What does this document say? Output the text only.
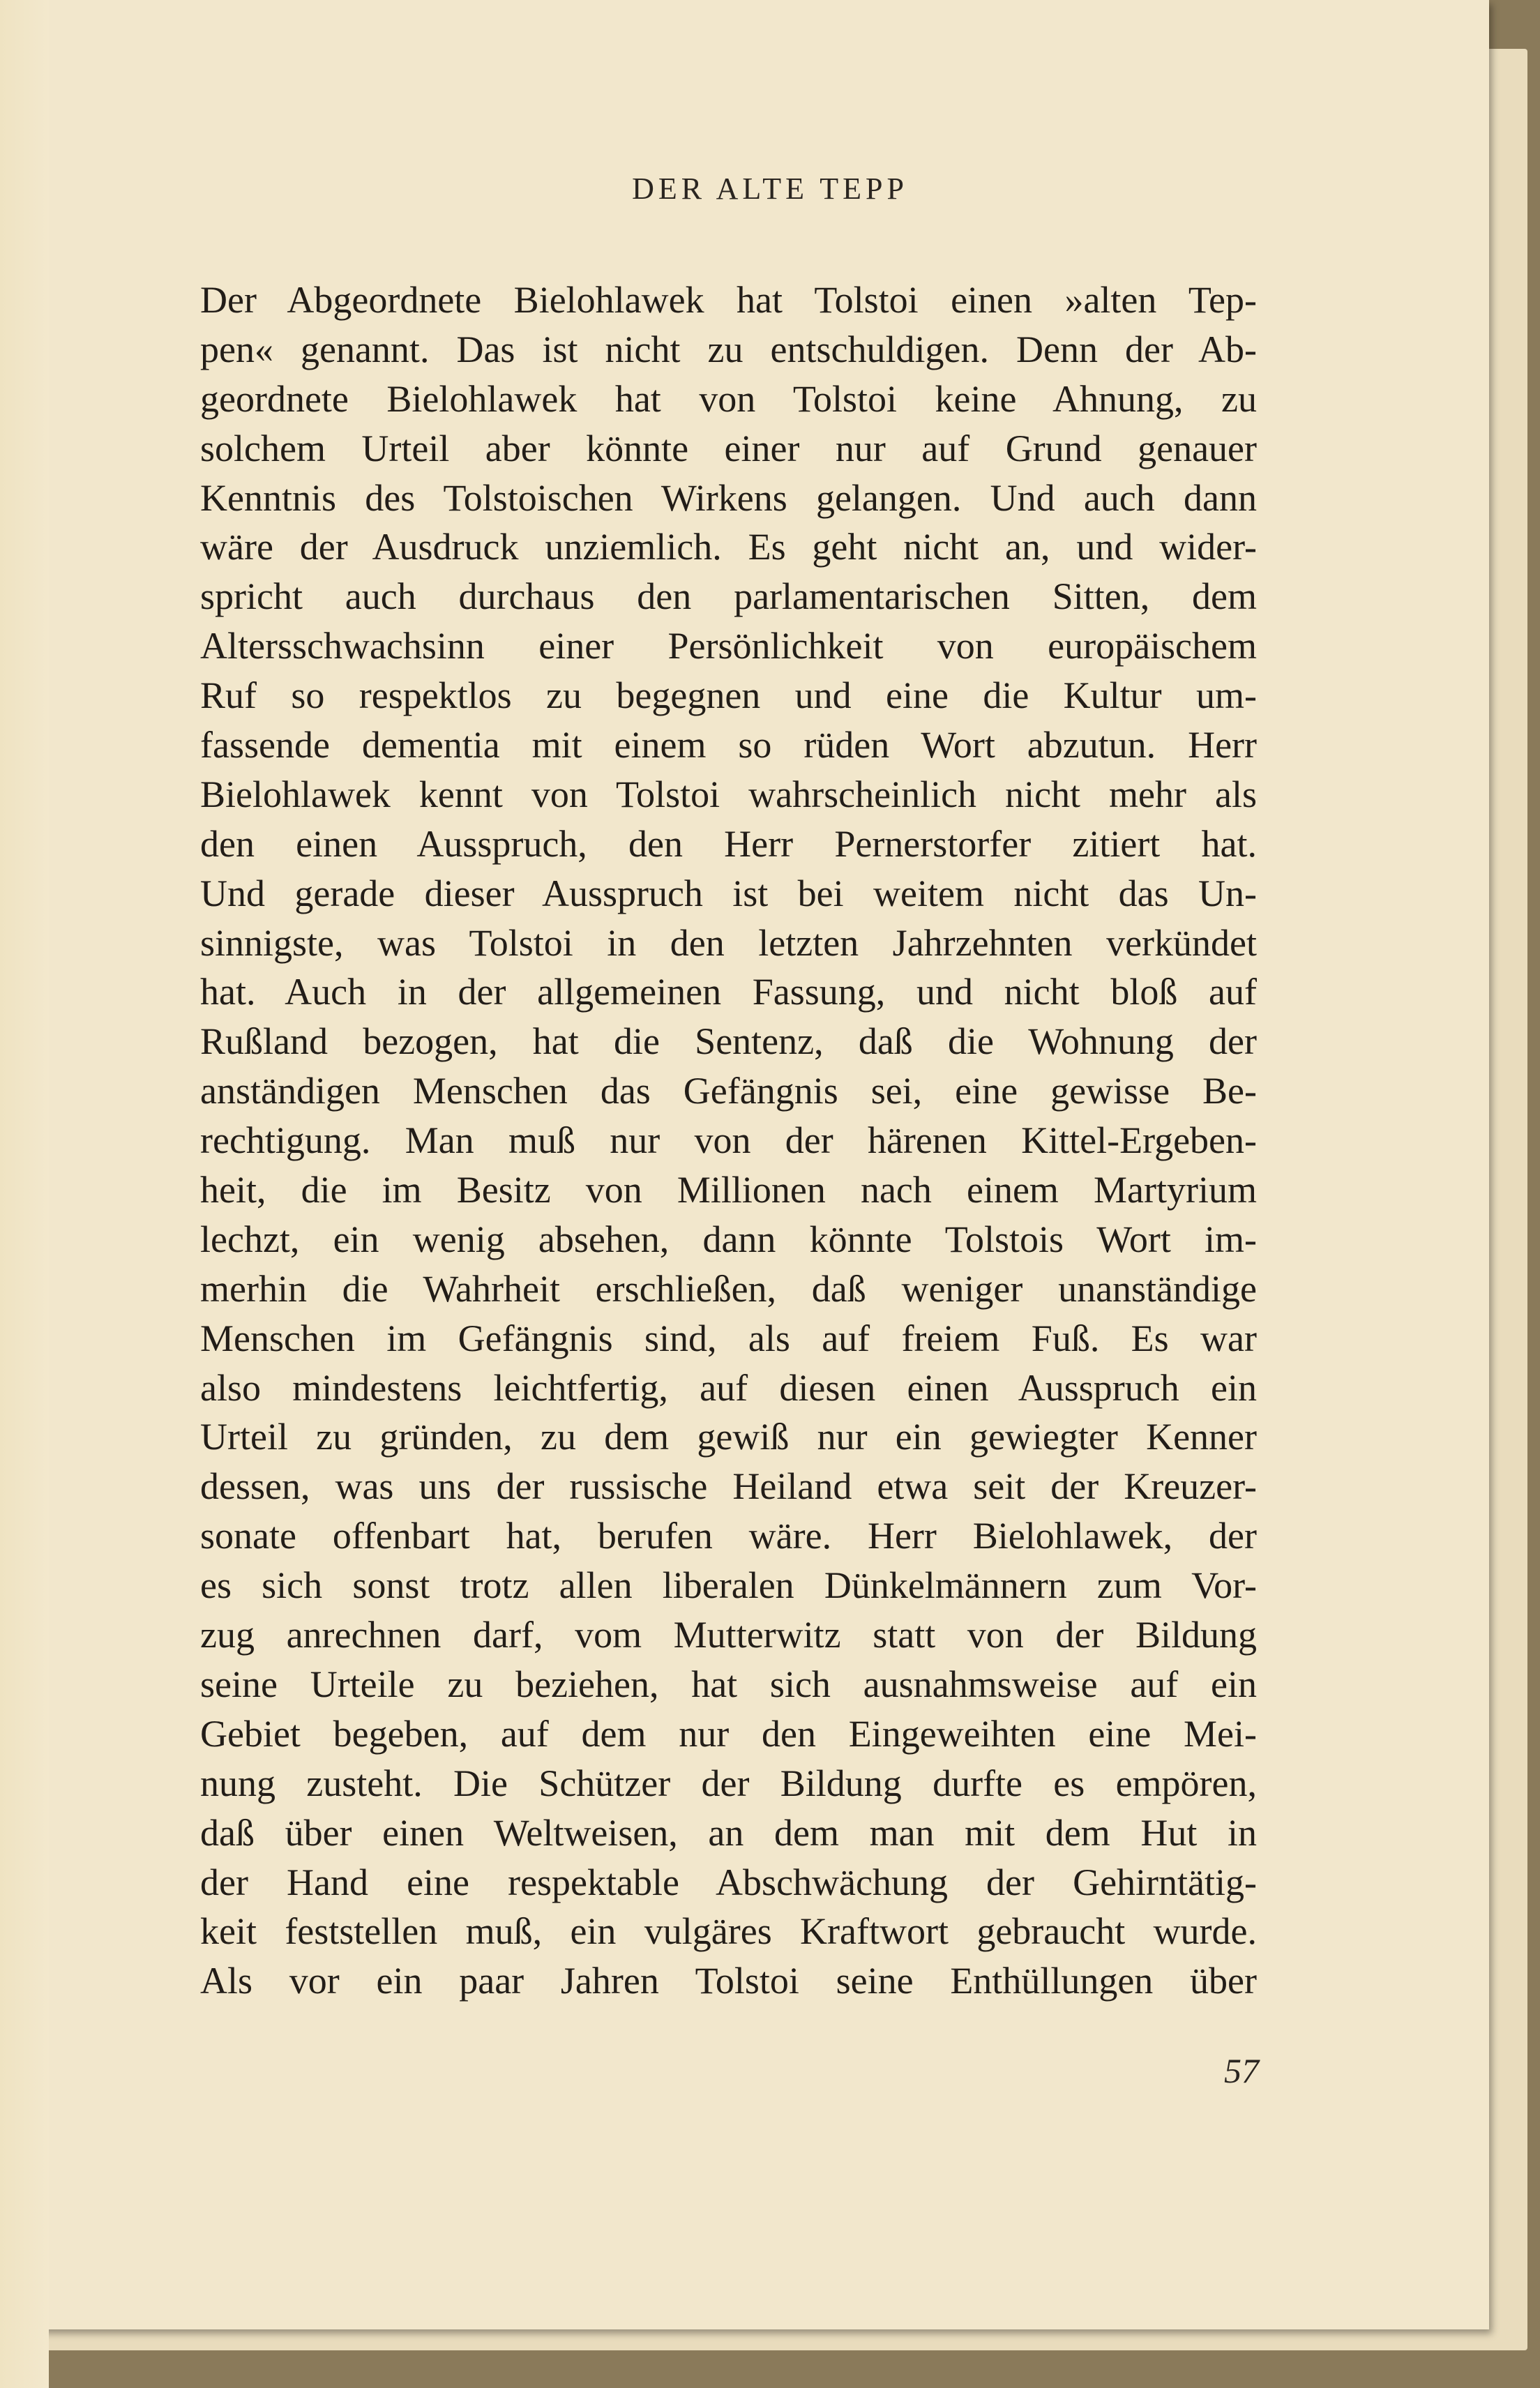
DER ALTE TEPP
Der Abgeordnete Bielohlawek hat Tolstoi einen »alten Tep-
pen« genannt. Das ist nicht zu entschuldigen. Denn der Ab-
geordnete Bielohlawek hat von Tolstoi keine Ahnung, zu
solchem Urteil aber könnte einer nur auf Grund genauer
Kenntnis des Tolstoischen Wirkens gelangen. Und auch dann
wäre der Ausdruck unziemlich. Es geht nicht an, und wider-
spricht auch durchaus den parlamentarischen Sitten, dem
Altersschwachsinn einer Persönlichkeit von europäischem
Ruf so respektlos zu begegnen und eine die Kultur um-
fassende dementia mit einem so rüden Wort abzutun. Herr
Bielohlawek kennt von Tolstoi wahrscheinlich nicht mehr als
den einen Ausspruch, den Herr Pernerstorfer zitiert hat.
Und gerade dieser Ausspruch ist bei weitem nicht das Un-
sinnigste, was Tolstoi in den letzten Jahrzehnten verkündet
hat. Auch in der allgemeinen Fassung, und nicht bloß auf
Rußland bezogen, hat die Sentenz, daß die Wohnung der
anständigen Menschen das Gefängnis sei, eine gewisse Be-
rechtigung. Man muß nur von der härenen Kittel-Ergeben-
heit, die im Besitz von Millionen nach einem Martyrium
lechzt, ein wenig absehen, dann könnte Tolstois Wort im-
merhin die Wahrheit erschließen, daß weniger unanständige
Menschen im Gefängnis sind, als auf freiem Fuß. Es war
also mindestens leichtfertig, auf diesen einen Ausspruch ein
Urteil zu gründen, zu dem gewiß nur ein gewiegter Kenner
dessen, was uns der russische Heiland etwa seit der Kreuzer-
sonate offenbart hat, berufen wäre. Herr Bielohlawek, der
es sich sonst trotz allen liberalen Dünkelmännern zum Vor-
zug anrechnen darf, vom Mutterwitz statt von der Bildung
seine Urteile zu beziehen, hat sich ausnahmsweise auf ein
Gebiet begeben, auf dem nur den Eingeweihten eine Mei-
nung zusteht. Die Schützer der Bildung durfte es empören,
daß über einen Weltweisen, an dem man mit dem Hut in
der Hand eine respektable Abschwächung der Gehirntätig-
keit feststellen muß, ein vulgäres Kraftwort gebraucht wurde.
Als vor ein paar Jahren Tolstoi seine Enthüllungen über
57
